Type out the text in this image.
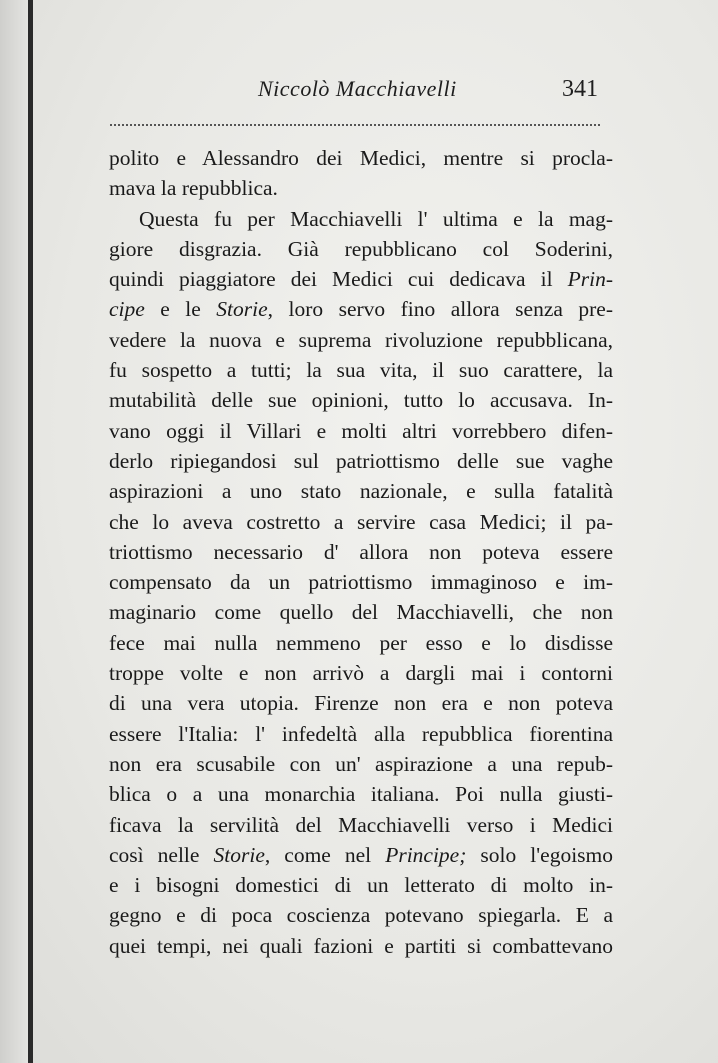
Niccolò Macchiavelli	341
polito e Alessandro dei Medici, mentre si procla-
mava la repubblica.
Questa fu per Macchiavelli l' ultima e la mag-
giore disgrazia. Già repubblicano col Soderini,
quindi piaggiatore dei Medici cui dedicava il Prin-
cipe e le Storie, loro servo fino allora senza pre-
vedere la nuova e suprema rivoluzione repubblicana,
fu sospetto a tutti; la sua vita, il suo carattere, la
mutabilità delle sue opinioni, tutto lo accusava. In-
vano oggi il Villari e molti altri vorrebbero difen-
derlo ripiegandosi sul patriottismo delle sue vaghe
aspirazioni a uno stato nazionale, e sulla fatalità
che lo aveva costretto a servire casa Medici; il pa-
triottismo necessario d' allora non poteva essere
compensato da un patriottismo immaginoso e im-
maginario come quello del Macchiavelli, che non
fece mai nulla nemmeno per esso e lo disdisse
troppe volte e non arrivò a dargli mai i contorni
di una vera utopia. Firenze non era e non poteva
essere l'Italia: l' infedeltà alla repubblica fiorentina
non era scusabile con un' aspirazione a una repub-
blica o a una monarchia italiana. Poi nulla giusti-
ficava la servilità del Macchiavelli verso i Medici
così nelle Storie, come nel Principe; solo l'egoismo
e i bisogni domestici di un letterato di molto in-
gegno e di poca coscienza potevano spiegarla. E a
quei tempi, nei quali fazioni e partiti si combattevano
